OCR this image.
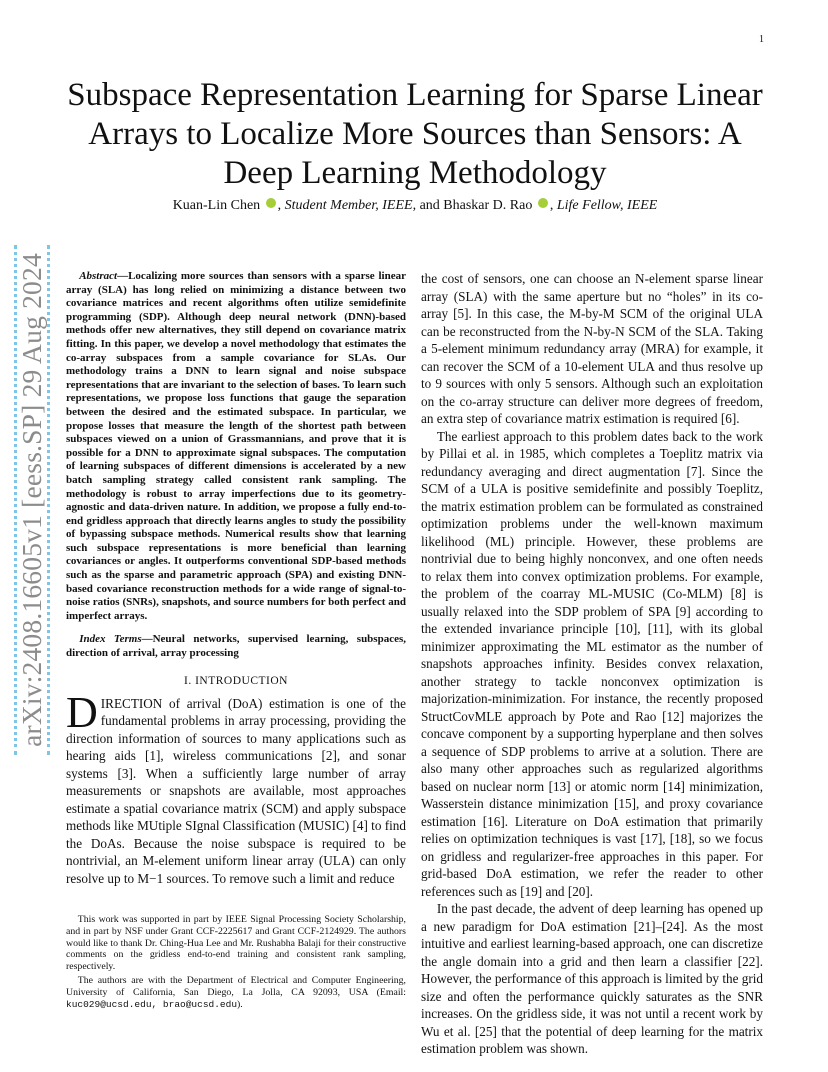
1
arXiv:2408.16605v1 [eess.SP] 29 Aug 2024
Subspace Representation Learning for Sparse Linear Arrays to Localize More Sources than Sensors: A Deep Learning Methodology
Kuan-Lin Chen , Student Member, IEEE, and Bhaskar D. Rao , Life Fellow, IEEE

Abstract—Localizing more sources than sensors with a sparse linear array (SLA) has long relied on minimizing a distance between two covariance matrices and recent algorithms often utilize semidefinite programming (SDP). Although deep neural network (DNN)-based methods offer new alternatives, they still depend on covariance matrix fitting. In this paper, we develop a novel methodology that estimates the co-array subspaces from a sample covariance for SLAs. Our methodology trains a DNN to learn signal and noise subspace representations that are invariant to the selection of bases. To learn such representations, we propose loss functions that gauge the separation between the desired and the estimated subspace. In particular, we propose losses that measure the length of the shortest path between subspaces viewed on a union of Grassmannians, and prove that it is possible for a DNN to approximate signal subspaces. The computation of learning subspaces of different dimensions is accelerated by a new batch sampling strategy called consistent rank sampling. The methodology is robust to array imperfections due to its geometry-agnostic and data-driven nature. In addition, we propose a fully end-to-end gridless approach that directly learns angles to study the possibility of bypassing subspace methods. Numerical results show that learning such subspace representations is more beneficial than learning covariances or angles. It outperforms conventional SDP-based methods such as the sparse and parametric approach (SPA) and existing DNN-based covariance reconstruction methods for a wide range of signal-to-noise ratios (SNRs), snapshots, and source numbers for both perfect and imperfect arrays.

Index Terms—Neural networks, supervised learning, subspaces, direction of arrival, array processing

I. INTRODUCTION

DIRECTION of arrival (DoA) estimation is one of the fundamental problems in array processing, providing the direction information of sources to many applications such as hearing aids [1], wireless communications [2], and sonar systems [3]. When a sufficiently large number of array measurements or snapshots are available, most approaches estimate a spatial covariance matrix (SCM) and apply subspace methods like MUtiple SIgnal Classification (MUSIC) [4] to find the DoAs. Because the noise subspace is required to be nontrivial, an M-element uniform linear array (ULA) can only resolve up to M−1 sources. To remove such a limit and reduce

This work was supported in part by IEEE Signal Processing Society Scholarship, and in part by NSF under Grant CCF-2225617 and Grant CCF-2124929. The authors would like to thank Dr. Ching-Hua Lee and Mr. Rushabha Balaji for their constructive comments on the gridless end-to-end training and consistent rank sampling, respectively.

The authors are with the Department of Electrical and Computer Engineering, University of California, San Diego, La Jolla, CA 92093, USA (Email: kuc029@ucsd.edu, brao@ucsd.edu).

the cost of sensors, one can choose an N-element sparse linear array (SLA) with the same aperture but no “holes” in its co-array [5]. In this case, the M-by-M SCM of the original ULA can be reconstructed from the N-by-N SCM of the SLA. Taking a 5-element minimum redundancy array (MRA) for example, it can recover the SCM of a 10-element ULA and thus resolve up to 9 sources with only 5 sensors. Although such an exploitation on the co-array structure can deliver more degrees of freedom, an extra step of covariance matrix estimation is required [6].

The earliest approach to this problem dates back to the work by Pillai et al. in 1985, which completes a Toeplitz matrix via redundancy averaging and direct augmentation [7]. Since the SCM of a ULA is positive semidefinite and possibly Toeplitz, the matrix estimation problem can be formulated as constrained optimization problems under the well-known maximum likelihood (ML) principle. However, these problems are nontrivial due to being highly nonconvex, and one often needs to relax them into convex optimization problems. For example, the problem of the coarray ML-MUSIC (Co-MLM) [8] is usually relaxed into the SDP problem of SPA [9] according to the extended invariance principle [10], [11], with its global minimizer approximating the ML estimator as the number of snapshots approaches infinity. Besides convex relaxation, another strategy to tackle nonconvex optimization is majorization-minimization. For instance, the recently proposed StructCovMLE approach by Pote and Rao [12] majorizes the concave component by a supporting hyperplane and then solves a sequence of SDP problems to arrive at a solution. There are also many other approaches such as regularized algorithms based on nuclear norm [13] or atomic norm [14] minimization, Wasserstein distance minimization [15], and proxy covariance estimation [16]. Literature on DoA estimation that primarily relies on optimization techniques is vast [17], [18], so we focus on gridless and regularizer-free approaches in this paper. For grid-based DoA estimation, we refer the reader to other references such as [19] and [20].

In the past decade, the advent of deep learning has opened up a new paradigm for DoA estimation [21]–[24]. As the most intuitive and earliest learning-based approach, one can discretize the angle domain into a grid and then learn a classifier [22]. However, the performance of this approach is limited by the grid size and often the performance quickly saturates as the SNR increases. On the gridless side, it was not until a recent work by Wu et al. [25] that the potential of deep learning for the matrix estimation problem was shown.
